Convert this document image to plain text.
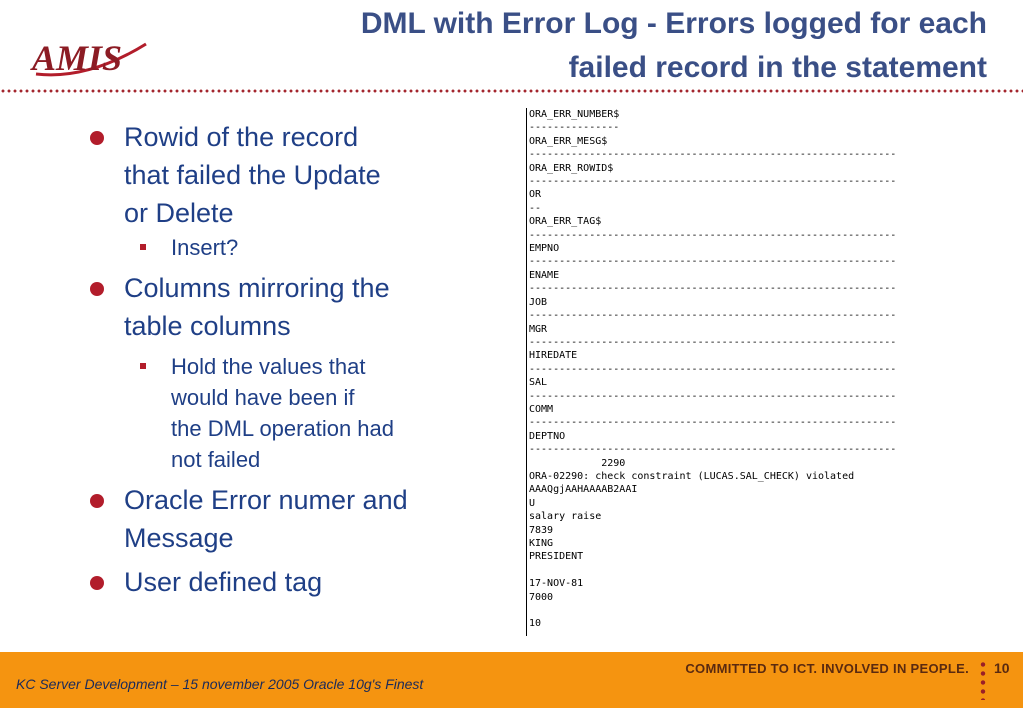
AMIS
DML with Error Log - Errors logged for each
failed record in the statement
Rowid of the record
that failed the Update
or Delete
Insert?
Columns mirroring the
table columns
Hold the values that
would have been if
the DML operation had
not failed
Oracle Error numer and
Message
User defined tag
ORA_ERR_NUMBER$
---------------
ORA_ERR_MESG$
-------------------------------------------------------------
ORA_ERR_ROWID$
-------------------------------------------------------------
OR
--
ORA_ERR_TAG$
-------------------------------------------------------------
EMPNO
-------------------------------------------------------------
ENAME
-------------------------------------------------------------
JOB
-------------------------------------------------------------
MGR
-------------------------------------------------------------
HIREDATE
-------------------------------------------------------------
SAL
-------------------------------------------------------------
COMM
-------------------------------------------------------------
DEPTNO
-------------------------------------------------------------
2290
ORA-02290: check constraint (LUCAS.SAL_CHECK) violated
AAAQgjAAHAAAAB2AAI
U
salary raise
7839
KING
PRESIDENT

17-NOV-81
7000

10
KC Server Development – 15 november 2005 Oracle 10g's Finest
COMMITTED TO ICT. INVOLVED IN PEOPLE. 10
